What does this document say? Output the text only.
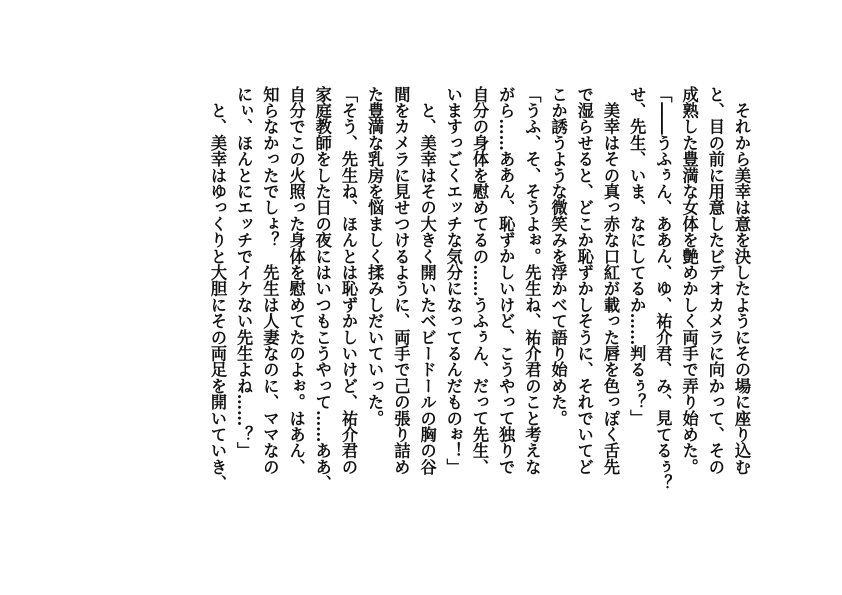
　それから美幸は意を決したようにその場に座り込む
と、目の前に用意したビデオカメラに向かって、その
成熟した豊満な女体を艶めかしく両手で弄り始めた。
「――うふぅん、ああん、ゆ、祐介君、み、見てるぅ？
せ、先生、いま、なにしてるか……判るぅ？」
　美幸はその真っ赤な口紅が載った唇を色っぽく舌先
で湿らせると、どこか恥ずかしそうに、それでいてど
こか誘うような微笑みを浮かべて語り始めた。
「うふ、そ、そうよぉ。先生ね、祐介君のこと考えな
がら……ああん、恥ずかしいけど、こうやって独りで
自分の身体を慰めてるの……うふぅん、だって先生、
いますっごくエッチな気分になってるんだものぉ！」
　と、美幸はその大きく開いたベビードールの胸の谷
間をカメラに見せつけるように、両手で己の張り詰め
た豊満な乳房を悩ましく揉みしだいていった。
「そう、先生ね、ほんとは恥ずかしいけど、祐介君の
家庭教師をした日の夜にはいつもこうやって……ああ、
自分でこの火照った身体を慰めてたのよぉ。はあん、
知らなかったでしょ？　先生は人妻なのに、ママなの
にぃ、ほんとにエッチでイケない先生よね……？」
　と、美幸はゆっくりと大胆にその両足を開いていき、
